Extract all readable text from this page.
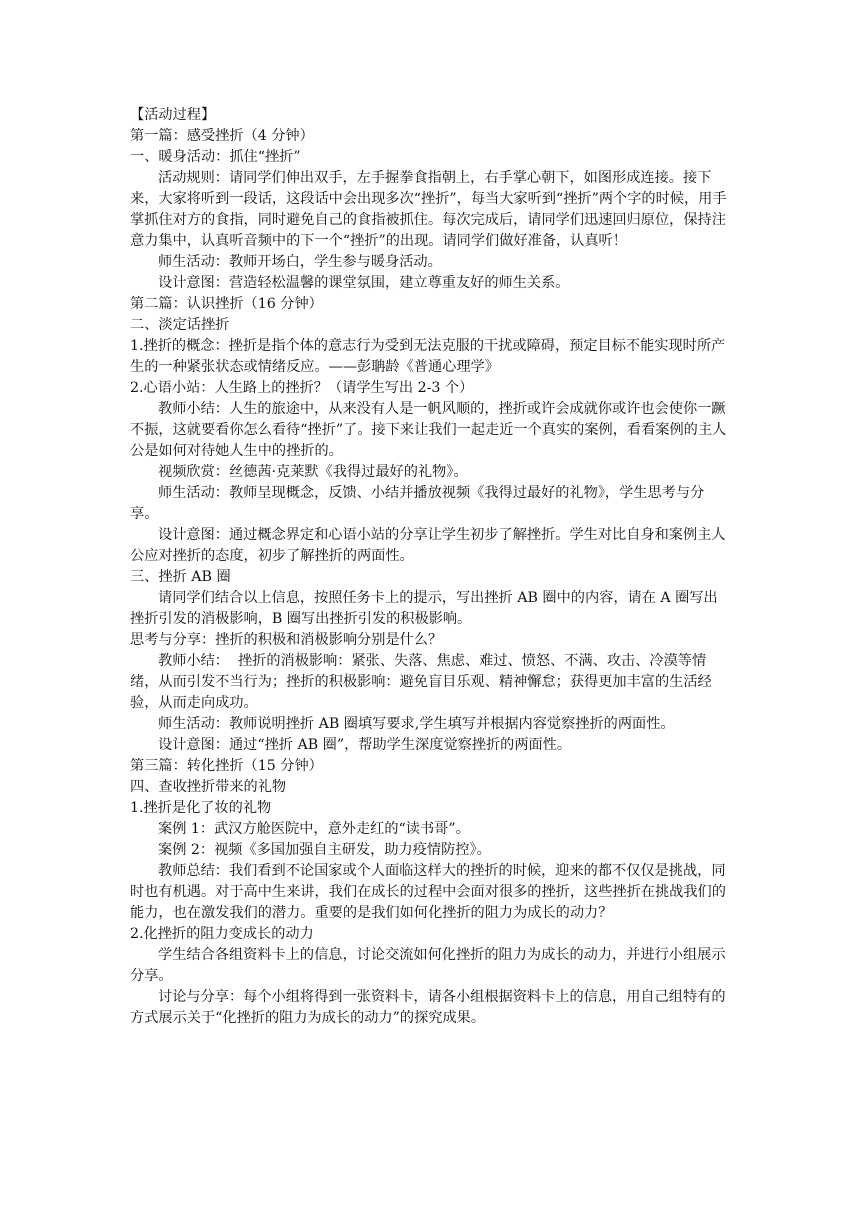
【活动过程】
第一篇：感受挫折（4 分钟）
一、暖身活动：抓住“挫折”
活动规则：请同学们伸出双手，左手握拳食指朝上，右手掌心朝下，如图形成连接。接下来，大家将听到一段话，这段话中会出现多次“挫折”，每当大家听到“挫折”两个字的时候，用手掌抓住对方的食指，同时避免自己的食指被抓住。每次完成后，请同学们迅速回归原位，保持注意力集中，认真听音频中的下一个“挫折”的出现。请同学们做好准备，认真听！
师生活动：教师开场白，学生参与暖身活动。
设计意图：营造轻松温馨的课堂氛围，建立尊重友好的师生关系。
第二篇：认识挫折（16 分钟）
二、淡定话挫折
1.挫折的概念：挫折是指个体的意志行为受到无法克服的干扰或障碍，预定目标不能实现时所产生的一种紧张状态或情绪反应。——彭聃龄《普通心理学》
2.心语小站：人生路上的挫折？（请学生写出 2-3 个）
教师小结：人生的旅途中，从来没有人是一帆风顺的，挫折或许会成就你或许也会使你一蹶不振，这就要看你怎么看待“挫折”了。接下来让我们一起走近一个真实的案例，看看案例的主人公是如何对待她人生中的挫折的。
视频欣赏：丝德茜·克莱默《我得过最好的礼物》。
师生活动：教师呈现概念，反馈、小结并播放视频《我得过最好的礼物》，学生思考与分享。
设计意图：通过概念界定和心语小站的分享让学生初步了解挫折。学生对比自身和案例主人公应对挫折的态度，初步了解挫折的两面性。
三、挫折 AB 圈
请同学们结合以上信息，按照任务卡上的提示，写出挫折 AB 圈中的内容，请在 A 圈写出挫折引发的消极影响，B 圈写出挫折引发的积极影响。
思考与分享：挫折的积极和消极影响分别是什么？
教师小结：  挫折的消极影响：紧张、失落、焦虑、难过、愤怒、不满、攻击、冷漠等情绪，从而引发不当行为；挫折的积极影响：避免盲目乐观、精神懈怠；获得更加丰富的生活经验，从而走向成功。
师生活动：教师说明挫折 AB 圈填写要求,学生填写并根据内容觉察挫折的两面性。
设计意图：通过“挫折 AB 圈”，帮助学生深度觉察挫折的两面性。
第三篇：转化挫折（15 分钟）
四、查收挫折带来的礼物
1.挫折是化了妆的礼物
案例 1：武汉方舱医院中，意外走红的“读书哥”。
案例 2：视频《多国加强自主研发，助力疫情防控》。
教师总结：我们看到不论国家或个人面临这样大的挫折的时候，迎来的都不仅仅是挑战，同时也有机遇。对于高中生来讲，我们在成长的过程中会面对很多的挫折，这些挫折在挑战我们的能力，也在激发我们的潜力。重要的是我们如何化挫折的阻力为成长的动力？
2.化挫折的阻力变成长的动力
学生结合各组资料卡上的信息，讨论交流如何化挫折的阻力为成长的动力，并进行小组展示分享。
讨论与分享：每个小组将得到一张资料卡，请各小组根据资料卡上的信息，用自己组特有的方式展示关于“化挫折的阻力为成长的动力”的探究成果。
